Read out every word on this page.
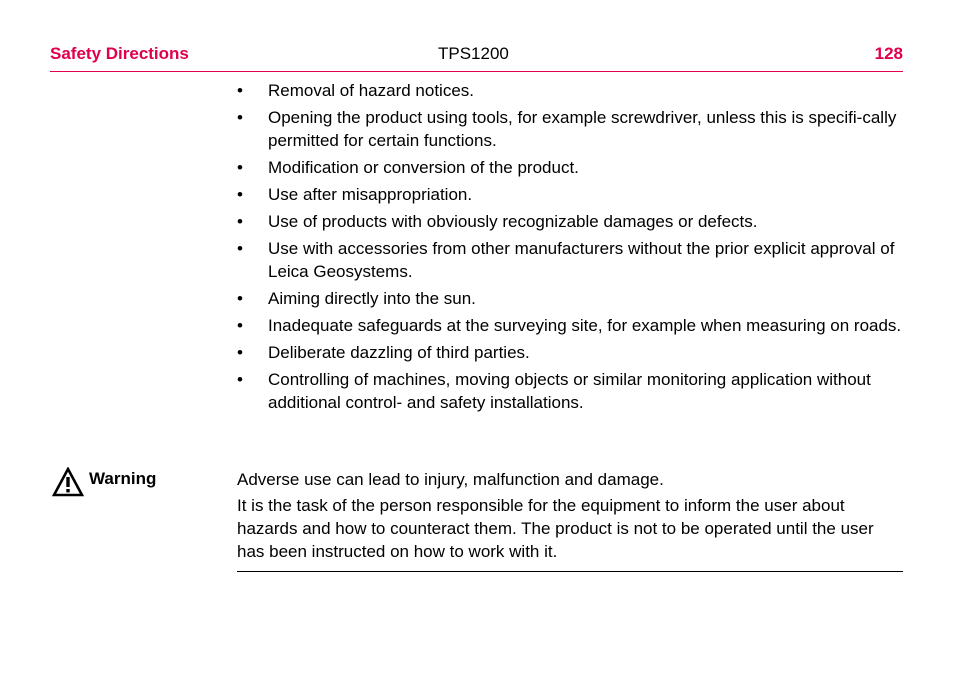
Safety Directions	TPS1200	128
• Removal of hazard notices.
• Opening the product using tools, for example screwdriver, unless this is specifi-cally permitted for certain functions.
• Modification or conversion of the product.
• Use after misappropriation.
• Use of products with obviously recognizable damages or defects.
• Use with accessories from other manufacturers without the prior explicit approval of Leica Geosystems.
• Aiming directly into the sun.
• Inadequate safeguards at the surveying site, for example when measuring on roads.
• Deliberate dazzling of third parties.
• Controlling of machines, moving objects or similar monitoring application without additional control- and safety installations.
Warning	Adverse use can lead to injury, malfunction and damage.

It is the task of the person responsible for the equipment to inform the user about hazards and how to counteract them. The product is not to be operated until the user has been instructed on how to work with it.
